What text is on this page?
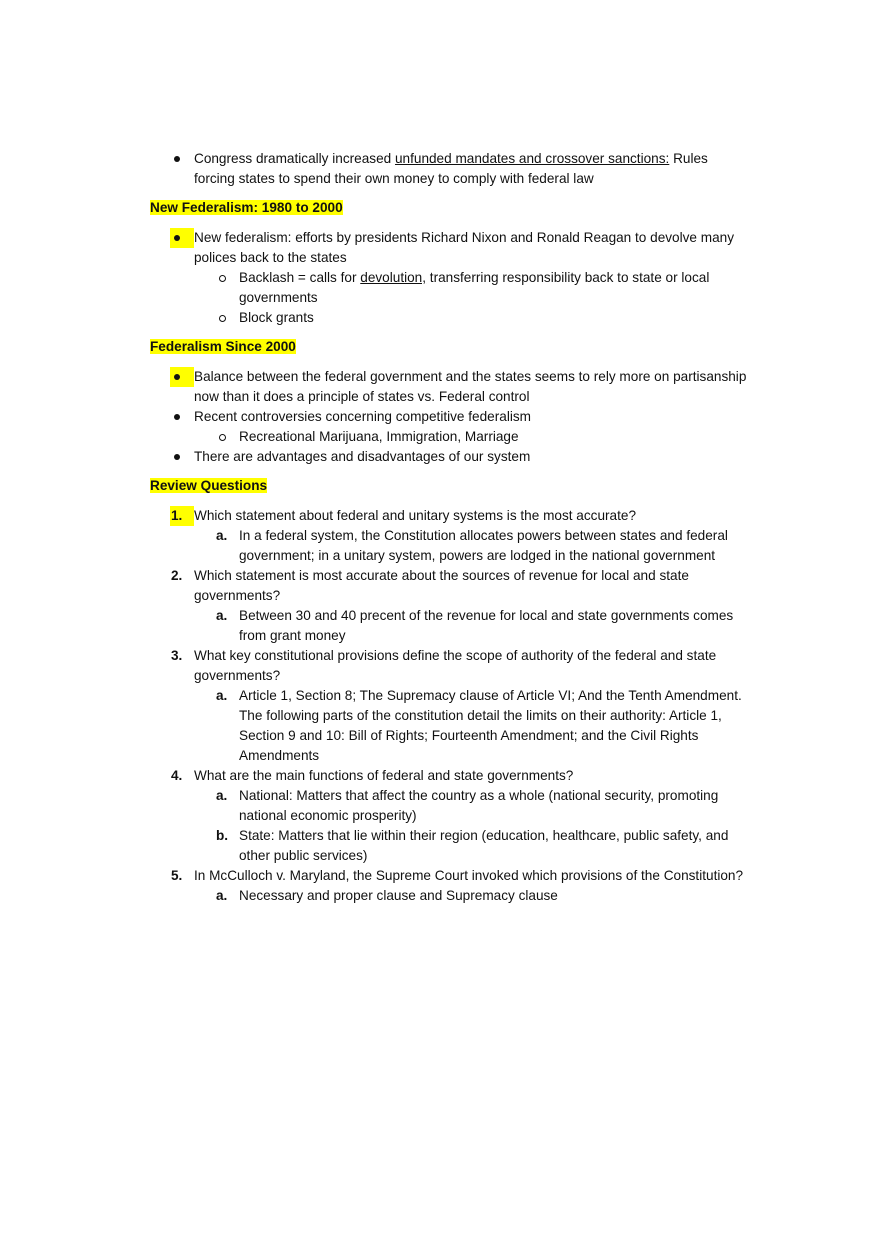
Congress dramatically increased unfunded mandates and crossover sanctions: Rules forcing states to spend their own money to comply with federal law
New Federalism: 1980 to 2000
New federalism: efforts by presidents Richard Nixon and Ronald Reagan to devolve many polices back to the states
Backlash = calls for devolution, transferring responsibility back to state or local governments
Block grants
Federalism Since 2000
Balance between the federal government and the states seems to rely more on partisanship now than it does a principle of states vs. Federal control
Recent controversies concerning competitive federalism
Recreational Marijuana, Immigration, Marriage
There are advantages and disadvantages of our system
Review Questions
1. Which statement about federal and unitary systems is the most accurate?
a. In a federal system, the Constitution allocates powers between states and federal government; in a unitary system, powers are lodged in the national government
2. Which statement is most accurate about the sources of revenue for local and state governments?
a. Between 30 and 40 precent of the revenue for local and state governments comes from grant money
3. What key constitutional provisions define the scope of authority of the federal and state governments?
a. Article 1, Section 8; The Supremacy clause of Article VI; And the Tenth Amendment. The following parts of the constitution detail the limits on their authority: Article 1, Section 9 and 10: Bill of Rights; Fourteenth Amendment; and the Civil Rights Amendments
4. What are the main functions of federal and state governments?
a. National: Matters that affect the country as a whole (national security, promoting national economic prosperity)
b. State: Matters that lie within their region (education, healthcare, public safety, and other public services)
5. In McCulloch v. Maryland, the Supreme Court invoked which provisions of the Constitution?
a. Necessary and proper clause and Supremacy clause
